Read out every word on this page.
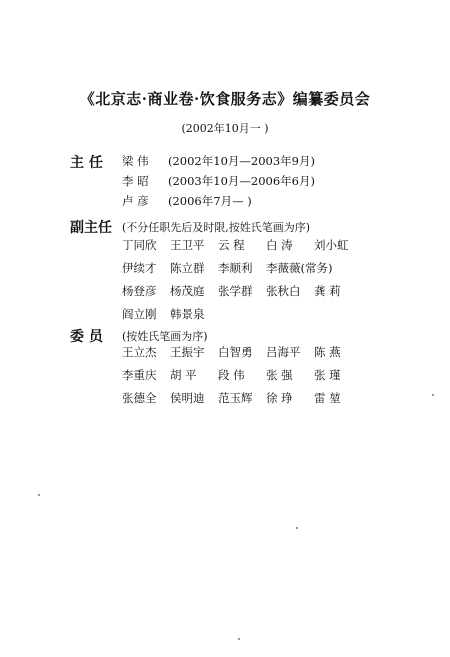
《北京志·商业卷·饮食服务志》编纂委员会
(2002年10月一 )
主 任 梁 伟 (2002年10月—2003年9月)
李 昭 (2003年10月—2006年6月)
卢 彦 (2006年7月— )
副主任 (不分任职先后及时限,按姓氏笔画为序)
丁同欣	王卫平	云 程	白 涛	刘小虹
伊续才	陈立群	李顺利	李薇薇(常务)
杨登彦	杨茂庭	张学群	张秋白	龚 莉
阎立刚	韩景泉
委 员 (按姓氏笔画为序)
王立杰	王振宇	白智勇	吕海平	陈 燕
李重庆	胡 平	段 伟	张 强	张 瑾
张德全	侯明迪	范玉辉	徐 琤	雷 堃
